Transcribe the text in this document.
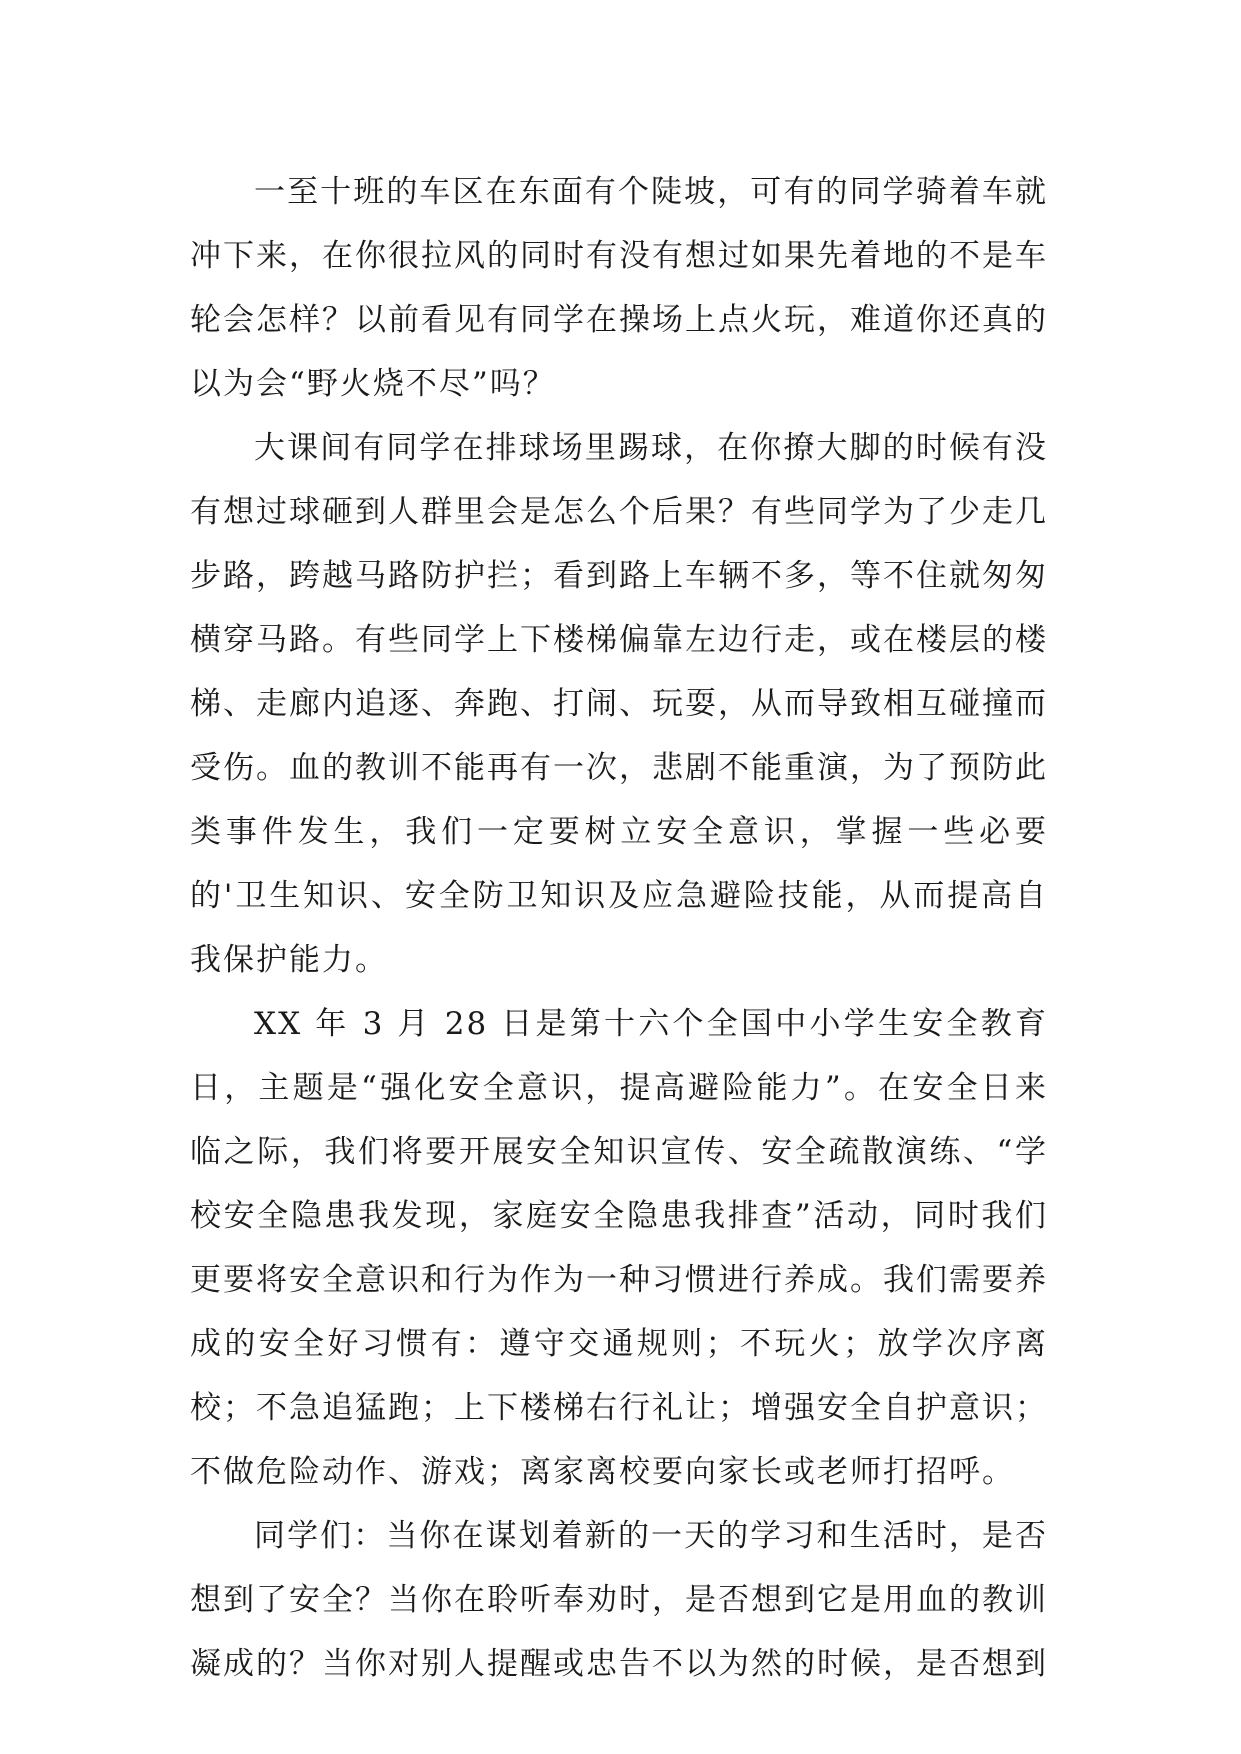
一至十班的车区在东面有个陡坡，可有的同学骑着车就冲下来，在你很拉风的同时有没有想过如果先着地的不是车轮会怎样？以前看见有同学在操场上点火玩，难道你还真的以为会“野火烧不尽”吗？

大课间有同学在排球场里踢球，在你撩大脚的时候有没有想过球砸到人群里会是怎么个后果？有些同学为了少走几步路，跨越马路防护拦；看到路上车辆不多，等不住就匆匆横穿马路。有些同学上下楼梯偏靠左边行走，或在楼层的楼梯、走廊内追逐、奔跑、打闹、玩耍，从而导致相互碰撞而受伤。血的教训不能再有一次，悲剧不能重演，为了预防此类事件发生，我们一定要树立安全意识，掌握一些必要的'卫生知识、安全防卫知识及应急避险技能，从而提高自我保护能力。

XX 年 3 月 28 日是第十六个全国中小学生安全教育日，主题是“强化安全意识，提高避险能力”。在安全日来临之际，我们将要开展安全知识宣传、安全疏散演练、“学校安全隐患我发现，家庭安全隐患我排查”活动，同时我们更要将安全意识和行为作为一种习惯进行养成。我们需要养成的安全好习惯有：遵守交通规则；不玩火；放学次序离校；不急追猛跑；上下楼梯右行礼让；增强安全自护意识；不做危险动作、游戏；离家离校要向家长或老师打招呼。

同学们：当你在谋划着新的一天的学习和生活时，是否想到了安全？当你在聆听奉劝时，是否想到它是用血的教训凝成的？当你对别人提醒或忠告不以为然的时候，是否想到
